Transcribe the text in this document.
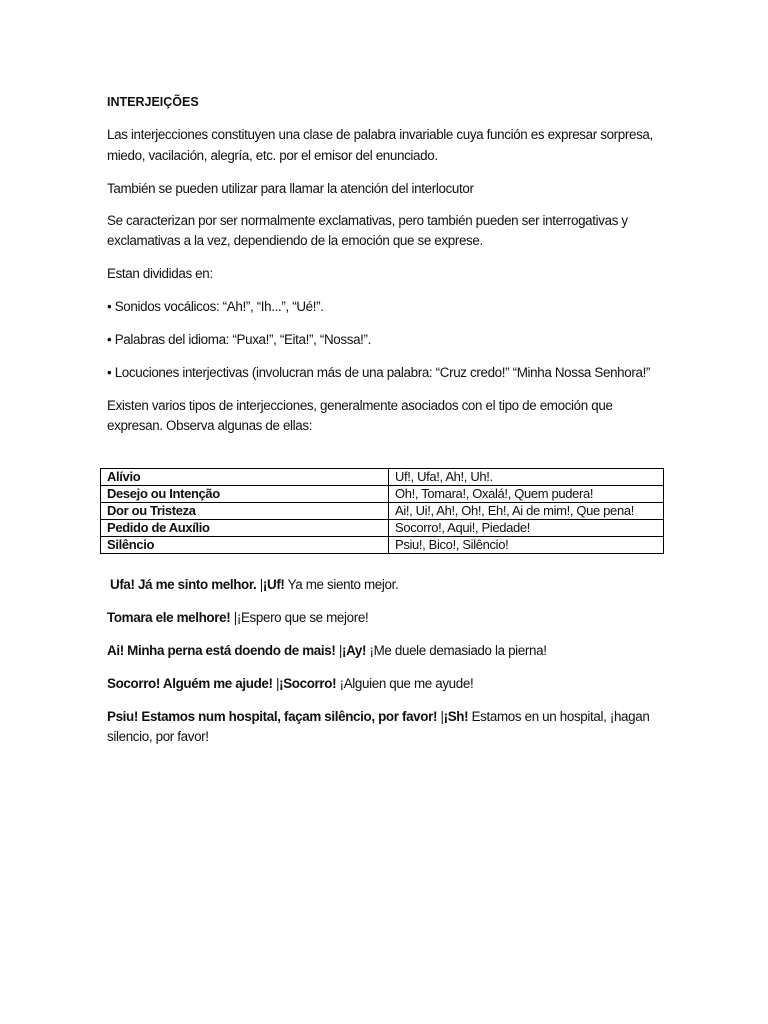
INTERJEIÇÕES

Las interjecciones constituyen una clase de palabra invariable cuya función es expresar sorpresa,

miedo, vacilación, alegría, etc. por el emisor del enunciado.

También se pueden utilizar para llamar la atención del interlocutor

Se caracterizan por ser normalmente exclamativas, pero también pueden ser interrogativas y

exclamativas a la vez, dependiendo de la emoción que se exprese.

Estan divididas en:

• Sonidos vocálicos: “Ah!”, “Ih...”, “Ué!”.

• Palabras del idioma: “Puxa!”, “Eita!”, “Nossa!”.

• Locuciones interjectivas (involucran más de una palabra: “Cruz credo!” “Minha Nossa Senhora!”

Existen varios tipos de interjecciones, generalmente asociados con el tipo de emoción que

expresan. Observa algunas de ellas:

Alívio	Uf!, Ufa!, Ah!, Uh!.
Desejo ou Intenção	Oh!, Tomara!, Oxalá!, Quem pudera!
Dor ou Tristeza	Ai!, Ui!, Ah!, Oh!, Eh!, Ai de mim!, Que pena!
Pedido de Auxílio	Socorro!, Aqui!, Piedade!
Silêncio	Psiu!, Bico!, Silêncio!

Ufa! Já me sinto melhor. |¡Uf! Ya me siento mejor.

Tomara ele melhore! |¡Espero que se mejore!

Ai! Minha perna está doendo de mais! |¡Ay! ¡Me duele demasiado la pierna!

Socorro! Alguém me ajude! |¡Socorro! ¡Alguien que me ayude!

Psiu! Estamos num hospital, façam silêncio, por favor! |¡Sh! Estamos en un hospital, ¡hagan

silencio, por favor!
